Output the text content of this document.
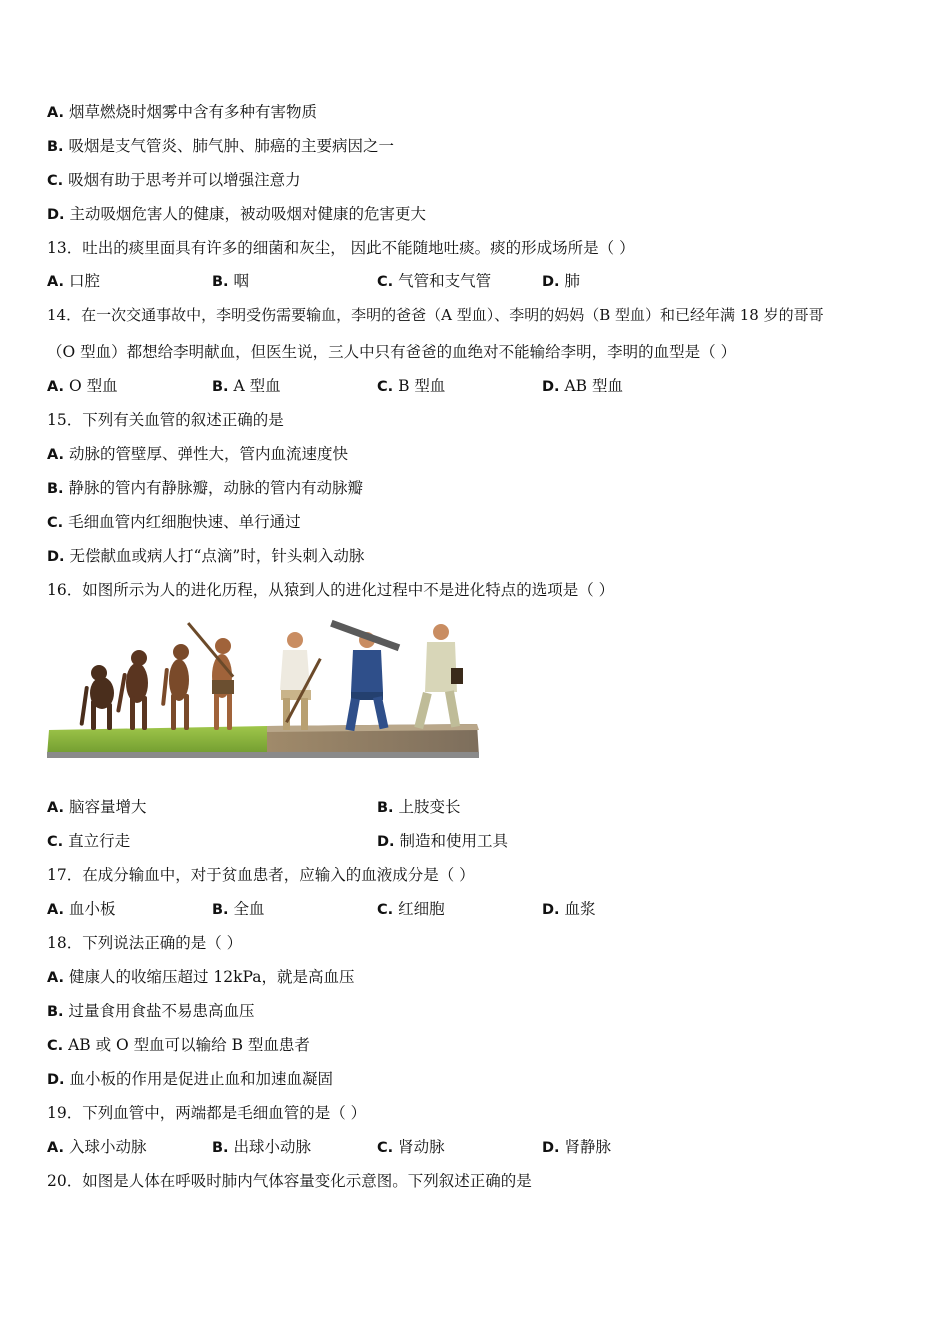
A. 烟草燃烧时烟雾中含有多种有害物质
B. 吸烟是支气管炎、肺气肿、肺癌的主要病因之一
C. 吸烟有助于思考并可以增强注意力
D. 主动吸烟危害人的健康，被动吸烟对健康的危害更大
13．吐出的痰里面具有许多的细菌和灰尘， 因此不能随地吐痰。痰的形成场所是（ ）
A. 口腔	B. 咽	C. 气管和支气管	D. 肺
14．在一次交通事故中，李明受伤需要输血，李明的爸爸（A 型血）、李明的妈妈（B 型血）和已经年满 18 岁的哥哥
（O 型血）都想给李明献血，但医生说，三人中只有爸爸的血绝对不能输给李明，李明的血型是（ ）
A. O 型血	B. A 型血	C. B 型血	D. AB 型血
15．下列有关血管的叙述正确的是
A. 动脉的管壁厚、弹性大，管内血流速度快
B. 静脉的管内有静脉瓣，动脉的管内有动脉瓣
C. 毛细血管内红细胞快速、单行通过
D. 无偿献血或病人打“点滴”时，针头刺入动脉
16．如图所示为人的进化历程，从猿到人的进化过程中不是进化特点的选项是（ ）
A. 脑容量增大	B. 上肢变长
C. 直立行走	D. 制造和使用工具
17．在成分输血中，对于贫血患者，应输入的血液成分是（ ）
A. 血小板	B. 全血	C. 红细胞	D. 血浆
18．下列说法正确的是（ ）
A. 健康人的收缩压超过 12kPa，就是高血压
B. 过量食用食盐不易患高血压
C. AB 或 O 型血可以输给 B 型血患者
D. 血小板的作用是促进止血和加速血凝固
19．下列血管中，两端都是毛细血管的是（ ）
A. 入球小动脉	B. 出球小动脉	C. 肾动脉	D. 肾静脉
20．如图是人体在呼吸时肺内气体容量变化示意图。下列叙述正确的是
